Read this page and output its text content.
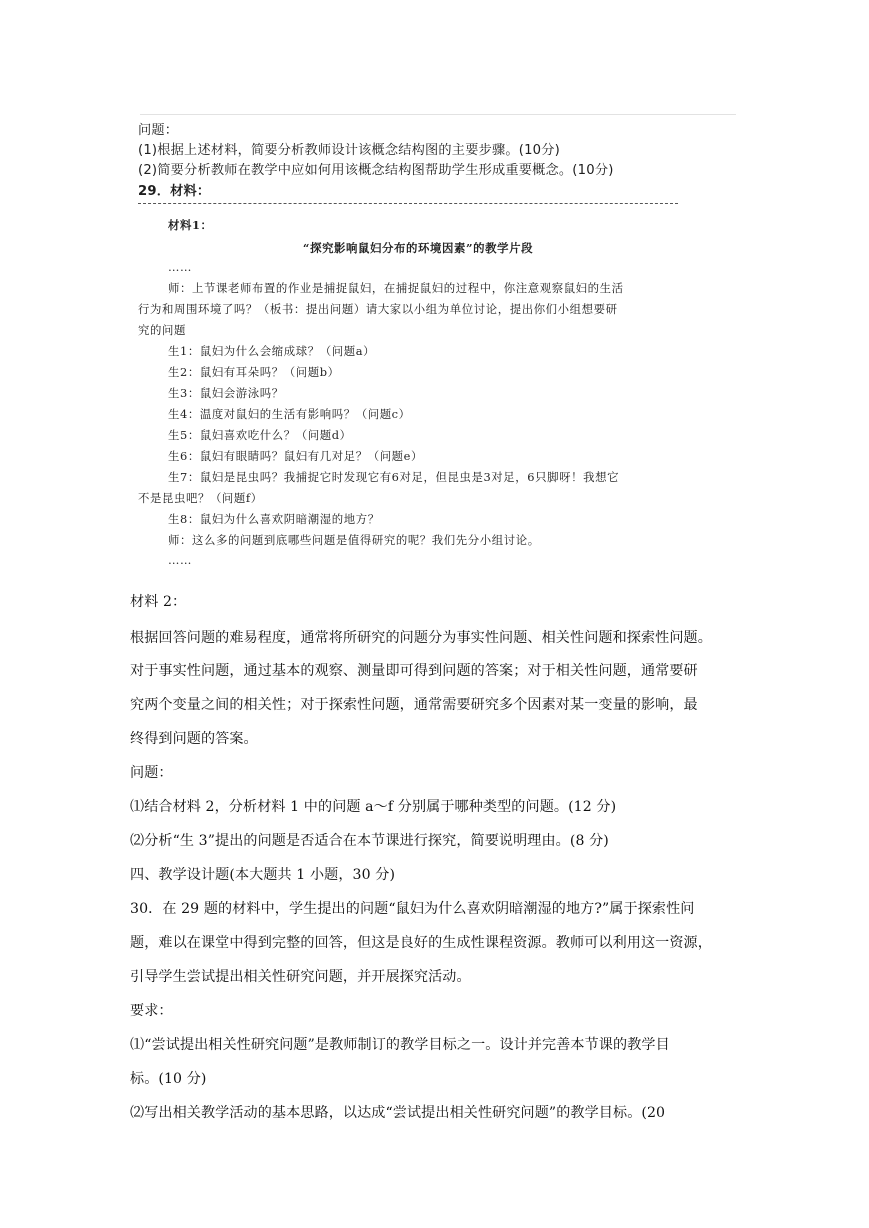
问题：
(1)根据上述材料，简要分析教师设计该概念结构图的主要步骤。(10分)
(2)简要分析教师在教学中应如何用该概念结构图帮助学生形成重要概念。(10分)
29．材料：
材料1：
“探究影响鼠妇分布的环境因素”的教学片段
……
师：上节课老师布置的作业是捕捉鼠妇，在捕捉鼠妇的过程中，你注意观察鼠妇的生活
行为和周围环境了吗？（板书：提出问题）请大家以小组为单位讨论，提出你们小组想要研
究的问题
生1：鼠妇为什么会缩成球？（问题a）
生2：鼠妇有耳朵吗？（问题b）
生3：鼠妇会游泳吗？
生4：温度对鼠妇的生活有影响吗？（问题c）
生5：鼠妇喜欢吃什么？（问题d）
生6：鼠妇有眼睛吗？鼠妇有几对足？（问题e）
生7：鼠妇是昆虫吗？我捕捉它时发现它有6对足，但昆虫是3对足，6只脚呀！我想它
不是昆虫吧？（问题f）
生8：鼠妇为什么喜欢阴暗潮湿的地方？
师：这么多的问题到底哪些问题是值得研究的呢？我们先分小组讨论。
……
材料 2：
根据回答问题的难易程度，通常将所研究的问题分为事实性问题、相关性问题和探索性问题。
对于事实性问题，通过基本的观察、测量即可得到问题的答案；对于相关性问题，通常要研
究两个变量之间的相关性；对于探索性问题，通常需要研究多个因素对某一变量的影响，最
终得到问题的答案。
问题：
⑴结合材料 2，分析材料 1 中的问题 a～f 分别属于哪种类型的问题。(12 分)
⑵分析“生 3”提出的问题是否适合在本节课进行探究，简要说明理由。(8 分)
四、教学设计题(本大题共 1 小题，30 分)
30．在 29 题的材料中，学生提出的问题“鼠妇为什么喜欢阴暗潮湿的地方?”属于探索性问
题，难以在课堂中得到完整的回答，但这是良好的生成性课程资源。教师可以利用这一资源，
引导学生尝试提出相关性研究问题，并开展探究活动。
要求：
⑴“尝试提出相关性研究问题”是教师制订的教学目标之一。设计并完善本节课的教学目
标。(10 分)
⑵写出相关教学活动的基本思路，以达成“尝试提出相关性研究问题”的教学目标。(20
